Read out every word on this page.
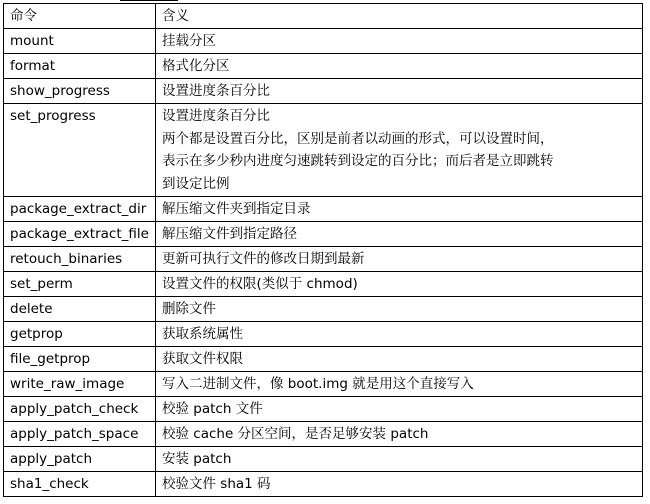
命令	含义
mount	挂载分区

format	格式化分区

show_progress	设置进度条百分比

set_progress	设置进度条百分比
两个都是设置百分比，区别是前者以动画的形式，可以设置时间，
表示在多少秒内进度匀速跳转到设定的百分比；而后者是立即跳转
到设定比例

package_extract_dir	解压缩文件夹到指定目录

package_extract_file	解压缩文件到指定路径

retouch_binaries	更新可执行文件的修改日期到最新

set_perm	设置文件的权限(类似于 chmod)

delete	删除文件

getprop	获取系统属性

file_getprop	获取文件权限

write_raw_image	写入二进制文件，像 boot.img 就是用这个直接写入

apply_patch_check	校验 patch 文件

apply_patch_space	校验 cache 分区空间，是否足够安装 patch

apply_patch	安装 patch

sha1_check	校验文件 sha1 码
